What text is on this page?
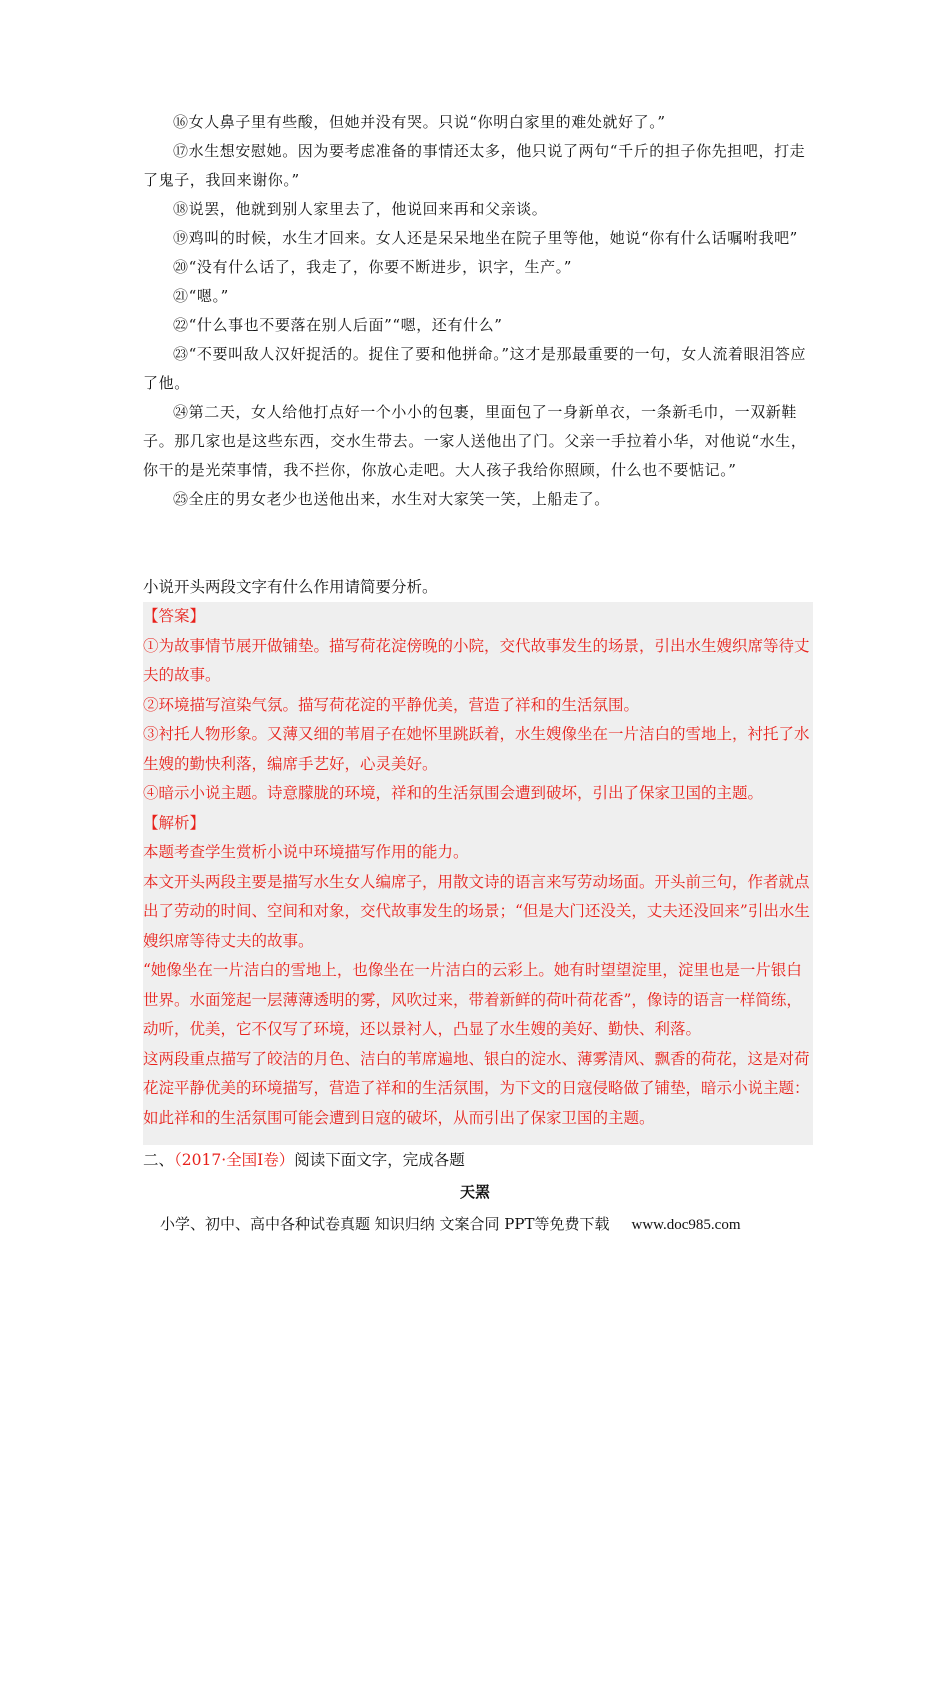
⑯女人鼻子里有些酸，但她并没有哭。只说“你明白家里的难处就好了。”

⑰水生想安慰她。因为要考虑准备的事情还太多，他只说了两句“千斤的担子你先担吧，打走了鬼子，我回来谢你。”

⑱说罢，他就到别人家里去了，他说回来再和父亲谈。

⑲鸡叫的时候，水生才回来。女人还是呆呆地坐在院子里等他，她说“你有什么话嘱咐我吧”

⑳“没有什么话了，我走了，你要不断进步，识字，生产。”

㉑“嗯。”

㉒“什么事也不要落在别人后面”“嗯，还有什么”

㉓“不要叫敌人汉奸捉活的。捉住了要和他拼命。”这才是那最重要的一句，女人流着眼泪答应了他。

㉔第二天，女人给他打点好一个小小的包裹，里面包了一身新单衣，一条新毛巾，一双新鞋子。那几家也是这些东西，交水生带去。一家人送他出了门。父亲一手拉着小华，对他说“水生，你干的是光荣事情，我不拦你，你放心走吧。大人孩子我给你照顾，什么也不要惦记。”

㉕全庄的男女老少也送他出来，水生对大家笑一笑，上船走了。

小说开头两段文字有什么作用请简要分析。

【答案】

①为故事情节展开做铺垫。描写荷花淀傍晚的小院，交代故事发生的场景，引出水生嫂织席等待丈夫的故事。

②环境描写渲染气氛。描写荷花淀的平静优美，营造了祥和的生活氛围。

③衬托人物形象。又薄又细的苇眉子在她怀里跳跃着，水生嫂像坐在一片洁白的雪地上，衬托了水生嫂的勤快利落，编席手艺好，心灵美好。

④暗示小说主题。诗意朦胧的环境，祥和的生活氛围会遭到破坏，引出了保家卫国的主题。

【解析】

本题考查学生赏析小说中环境描写作用的能力。

本文开头两段主要是描写水生女人编席子，用散文诗的语言来写劳动场面。开头前三句，作者就点出了劳动的时间、空间和对象，交代故事发生的场景；“但是大门还没关，丈夫还没回来”引出水生嫂织席等待丈夫的故事。

“她像坐在一片洁白的雪地上，也像坐在一片洁白的云彩上。她有时望望淀里，淀里也是一片银白世界。水面笼起一层薄薄透明的雾，风吹过来，带着新鲜的荷叶荷花香”，像诗的语言一样简练，动听，优美，它不仅写了环境，还以景衬人，凸显了水生嫂的美好、勤快、利落。

这两段重点描写了皎洁的月色、洁白的苇席遍地、银白的淀水、薄雾清风、飘香的荷花，这是对荷花淀平静优美的环境描写，营造了祥和的生活氛围，为下文的日寇侵略做了铺垫，暗示小说主题：如此祥和的生活氛围可能会遭到日寇的破坏，从而引出了保家卫国的主题。

二、（2017·全国Ⅰ卷）阅读下面文字，完成各题

天罴

小学、初中、高中各种试卷真题 知识归纳 文案合同 PPT等免费下载 www.doc985.com
